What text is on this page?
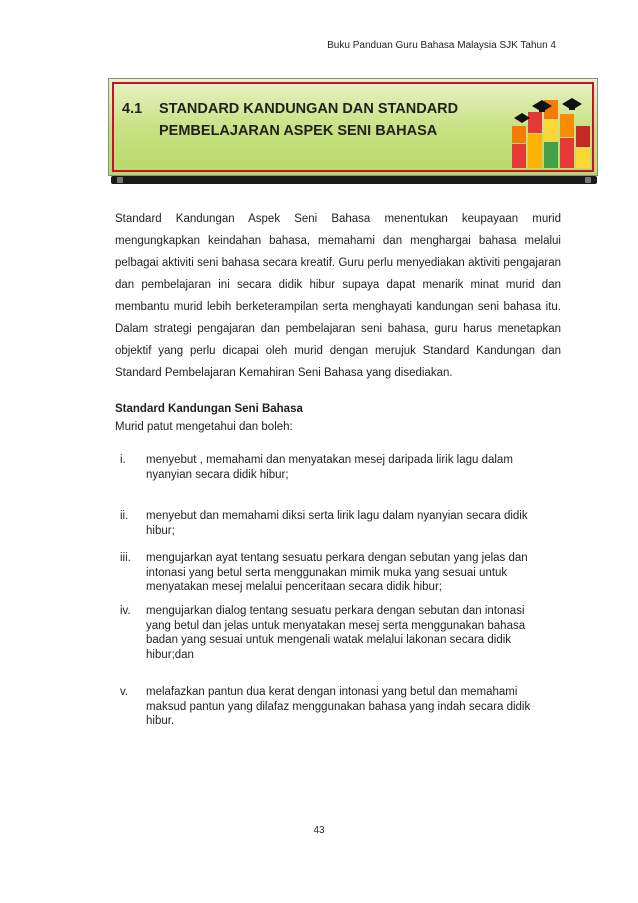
Buku Panduan Guru Bahasa Malaysia SJK Tahun 4
4.1 STANDARD KANDUNGAN DAN STANDARD
PEMBELAJARAN ASPEK SENI BAHASA

Standard Kandungan Aspek Seni Bahasa menentukan keupayaan murid mengungkapkan keindahan bahasa, memahami dan menghargai bahasa melalui pelbagai aktiviti seni bahasa secara kreatif. Guru perlu menyediakan aktiviti pengajaran dan pembelajaran ini secara didik hibur supaya dapat menarik minat murid dan membantu murid lebih berketerampilan serta menghayati kandungan seni bahasa itu. Dalam strategi pengajaran dan pembelajaran seni bahasa, guru harus menetapkan objektif yang perlu dicapai oleh murid dengan merujuk Standard Kandungan dan Standard Pembelajaran Kemahiran Seni Bahasa yang disediakan.

Standard Kandungan Seni Bahasa
Murid patut mengetahui dan boleh:
i. menyebut , memahami dan menyatakan mesej daripada lirik lagu dalam nyanyian secara didik hibur;
ii. menyebut dan memahami diksi serta lirik lagu dalam nyanyian secara didik hibur;
iii. mengujarkan ayat tentang sesuatu perkara dengan sebutan yang jelas dan intonasi yang betul serta menggunakan mimik muka yang sesuai untuk menyatakan mesej melalui penceritaan secara didik hibur;
iv. mengujarkan dialog tentang sesuatu perkara dengan sebutan dan intonasi yang betul dan jelas untuk menyatakan mesej serta menggunakan bahasa badan yang sesuai untuk mengenali watak melalui lakonan secara didik hibur;dan
v. melafazkan pantun dua kerat dengan intonasi yang betul dan memahami maksud pantun yang dilafaz menggunakan bahasa yang indah secara didik hibur.
43
